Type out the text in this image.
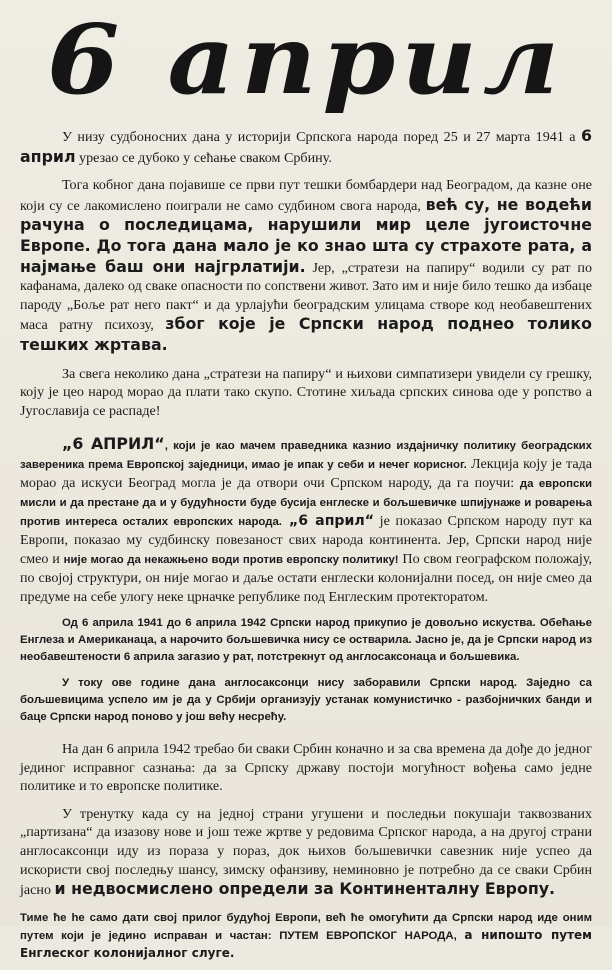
6 април

У низу судбоносних дана у историји Српскога народа поред 25 и 27 марта 1941 а 6 април урезао се дубоко у сећање сваком Србину.

Тога кобног дана појавише се први пут тешки бомбардери над Београдом, да казне оне који су се лакомислено поиграли не само судбином свога народа, већ су, не водећи рачуна о последицама, нарушили мир целе југоисточне Европе. До тога дана мало је ко знао шта су страхоте рата, а најмање баш они најгрлатији. Јер, „стратези на папиру“ водили су рат по кафанама, далеко од сваке опасности по сопствени живот. Зато им и није било тешко да избаце пароду „Боље рат него пакт“ и да урлајући београдским улицама створе код необавештених маса ратну психозу, због које је Српски народ поднео толико тешких жртава.

За свега неколико дана „стратези на папиру“ и њихови симпатизери увидели су грешку, коју је цео народ морао да плати тако скупо. Стотине хиљада српских синова оде у ропство а Југославија се распаде!

„6 АПРИЛ“, који је као мачем праведника казнио издајничку политику београдских завереника према Европској заједници, имао је ипак у себи и нечег корисног. Лекција коју је тада морао да искуси Београд могла је да отвори очи Српском народу, да га поучи: да европски мисли и да престане да и у будућности буде бусија енглеске и бољшевичке шпијунаже и роварења против интереса осталих европских народа. „6 април“ је показао Српском народу пут ка Европи, показао му судбинску повезаност свих народа континента. Јер, Српски народ није смео и није могао да некажњено води против европску политику! По свом географском положају, по својој структури, он није могао и даље остати енглески колонијални посед, он није смео да предуме на себе улогу неке црначке републике под Енглеским протекторатом.

Од 6 априла 1941 до 6 априла 1942 Српски народ прикупио је довољно искуства. Обећање Енглеза и Американаца, а нарочито бољшевичка нису се остварила. Јасно је, да је Српски народ из необавештености 6 априла загазио у рат, потстрекнут од англосаксонаца и бољшевика.

У току ове године дана англосаксонци нису заборавили Српски народ. Заједно са бољшевицима успело им је да у Србији организују устанак комунистичко - разбојничких банди и баце Српски народ поново у још већу несрећу.

На дан 6 априла 1942 требао би сваки Србин коначно и за сва времена да дође до једног јединог исправног сазнања: да за Српску државу постоји могућност вођења само једне политике и то европске политике.

У тренутку када су на једној страни угушени и последњи покушаји таквозваних „партизана“ да изазову нове и још теже жртве у редовима Српског народа, а на другој страни англосаксонци иду из пораза у пораз, док њихов бољшевички савезник није успео да искористи свој последњу шансу, зимску офанзиву, неминовно је потребно да се сваки Србин јасно и недвосмислено определи за Континенталну Европу.

Тиме ће he само дати свој прилог будућој Европи, већ ће омогућити да Српски народ иде оним путем који је једино исправан и частан: ПУТЕМ ЕВРОПСКОГ НАРОДА, а нипошто путем Енглеског колонијалног слуге.
